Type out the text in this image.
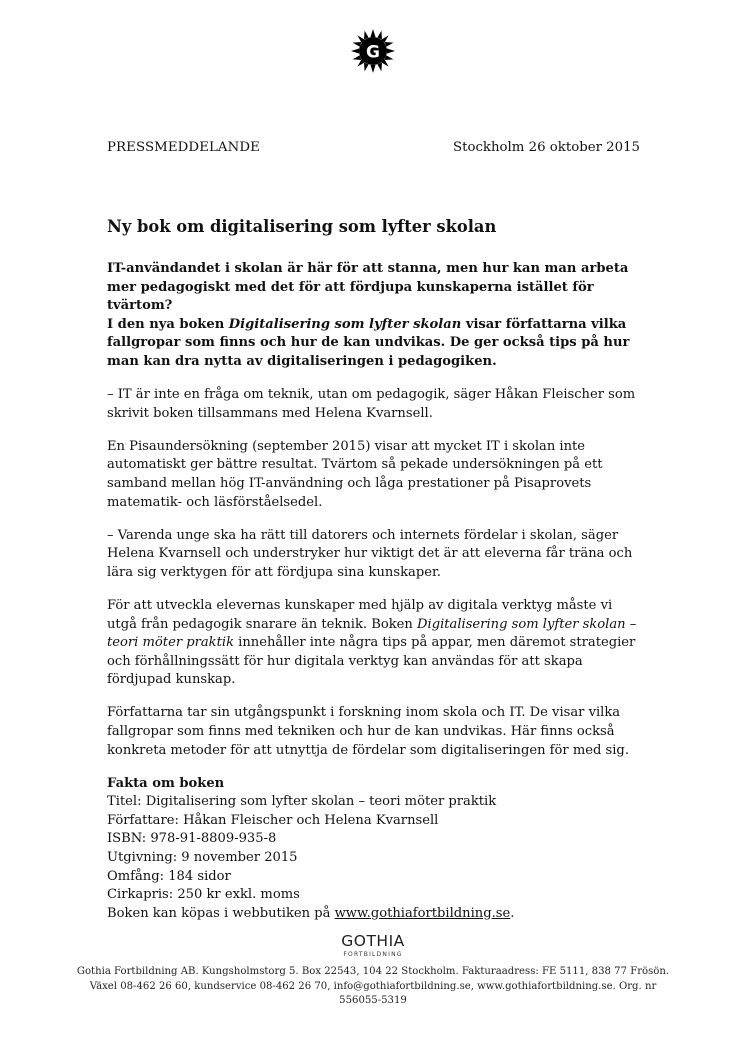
G
PRESSMEDDELANDE	Stockholm 26 oktober 2015
Ny bok om digitalisering som lyfter skolan

IT-användandet i skolan är här för att stanna, men hur kan man arbeta mer pedagogiskt med det för att fördjupa kunskaperna istället för tvärtom?
I den nya boken Digitalisering som lyfter skolan visar författarna vilka fallgropar som finns och hur de kan undvikas. De ger också tips på hur man kan dra nytta av digitaliseringen i pedagogiken.

– IT är inte en fråga om teknik, utan om pedagogik, säger Håkan Fleischer som skrivit boken tillsammans med Helena Kvarnsell.

En Pisaundersökning (september 2015) visar att mycket IT i skolan inte automatiskt ger bättre resultat. Tvärtom så pekade undersökningen på ett samband mellan hög IT-användning och låga prestationer på Pisaprovets matematik- och läsförståelsedel.

– Varenda unge ska ha rätt till datorers och internets fördelar i skolan, säger Helena Kvarnsell och understryker hur viktigt det är att eleverna får träna och lära sig verktygen för att fördjupa sina kunskaper.

För att utveckla elevernas kunskaper med hjälp av digitala verktyg måste vi utgå från pedagogik snarare än teknik. Boken Digitalisering som lyfter skolan – teori möter praktik innehåller inte några tips på appar, men däremot strategier och förhållningssätt för hur digitala verktyg kan användas för att skapa fördjupad kunskap.

Författarna tar sin utgångspunkt i forskning inom skola och IT. De visar vilka fallgropar som finns med tekniken och hur de kan undvikas. Här finns också konkreta metoder för att utnyttja de fördelar som digitaliseringen för med sig.

Fakta om boken
Titel: Digitalisering som lyfter skolan – teori möter praktik
Författare: Håkan Fleischer och Helena Kvarnsell
ISBN: 978-91-8809-935-8
Utgivning: 9 november 2015
Omfång: 184 sidor
Cirkapris: 250 kr exkl. moms
Boken kan köpas i webbutiken på www.gothiafortbildning.se.
GOTHIA
FORTBILDNING
Gothia Fortbildning AB. Kungsholmstorg 5. Box 22543, 104 22 Stockholm. Fakturaadress: FE 5111, 838 77 Frösön.
Växel 08-462 26 60, kundservice 08-462 26 70, info@gothiafortbildning.se, www.gothiafortbildning.se. Org. nr
556055-5319
